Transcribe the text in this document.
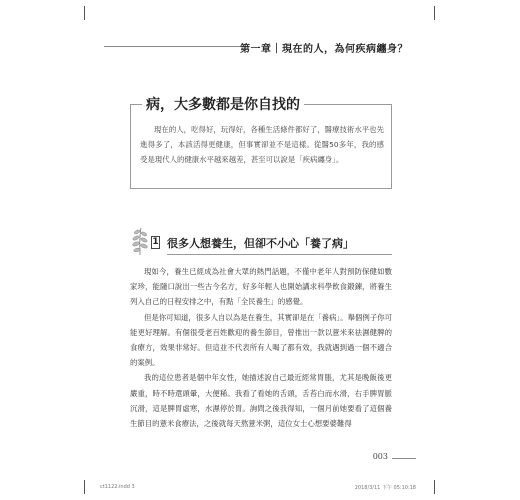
第一章｜現在的人，為何疾病纏身？
病，大多數都是你自找的

現在的人，吃得好，玩得好，各種生活條件都好了，醫療技術水平也先進得多了，本該活得更健康，但事實卻並不是這樣。從醫50多年，我的感受是現代人的健康水平越來越差，甚至可以說是「疾病纏身」。

1 很多人想養生，但卻不小心「養了病」

現如今，養生已經成為社會大眾的熱門話題，不僅中老年人對預防保健如數家珍，能隨口說出一些古今名方，好多年輕人也開始講求科學飲食鍛鍊，將養生列入自己的日程安排之中，有點「全民養生」的感覺。

但是你可知道，很多人自以為是在養生，其實卻是在「養病」。舉個例子你可能更好理解。有個很受老百姓歡迎的養生節目，曾推出一款以薏米來祛濕健脾的食療方，效果非常好。但這並不代表所有人喝了都有效，我就遇到過一個不適合的案例。

我的這位患者是個中年女性，她描述說自己最近經常胃脹，尤其是晚飯後更嚴重，時不時還頭暈，大便稀。我看了看她的舌頭，舌苔白而水滑，右手脾胃脈沉滑，這是脾胃虛寒，水濕停於胃。詢問之後我得知，一個月前她要看了這個養生節目的薏米食療法，之後就每天熬薏米粥，這位女士心想要婆難得

003
ct1122.indd 3	2018/3/11 下午 05:10:18
